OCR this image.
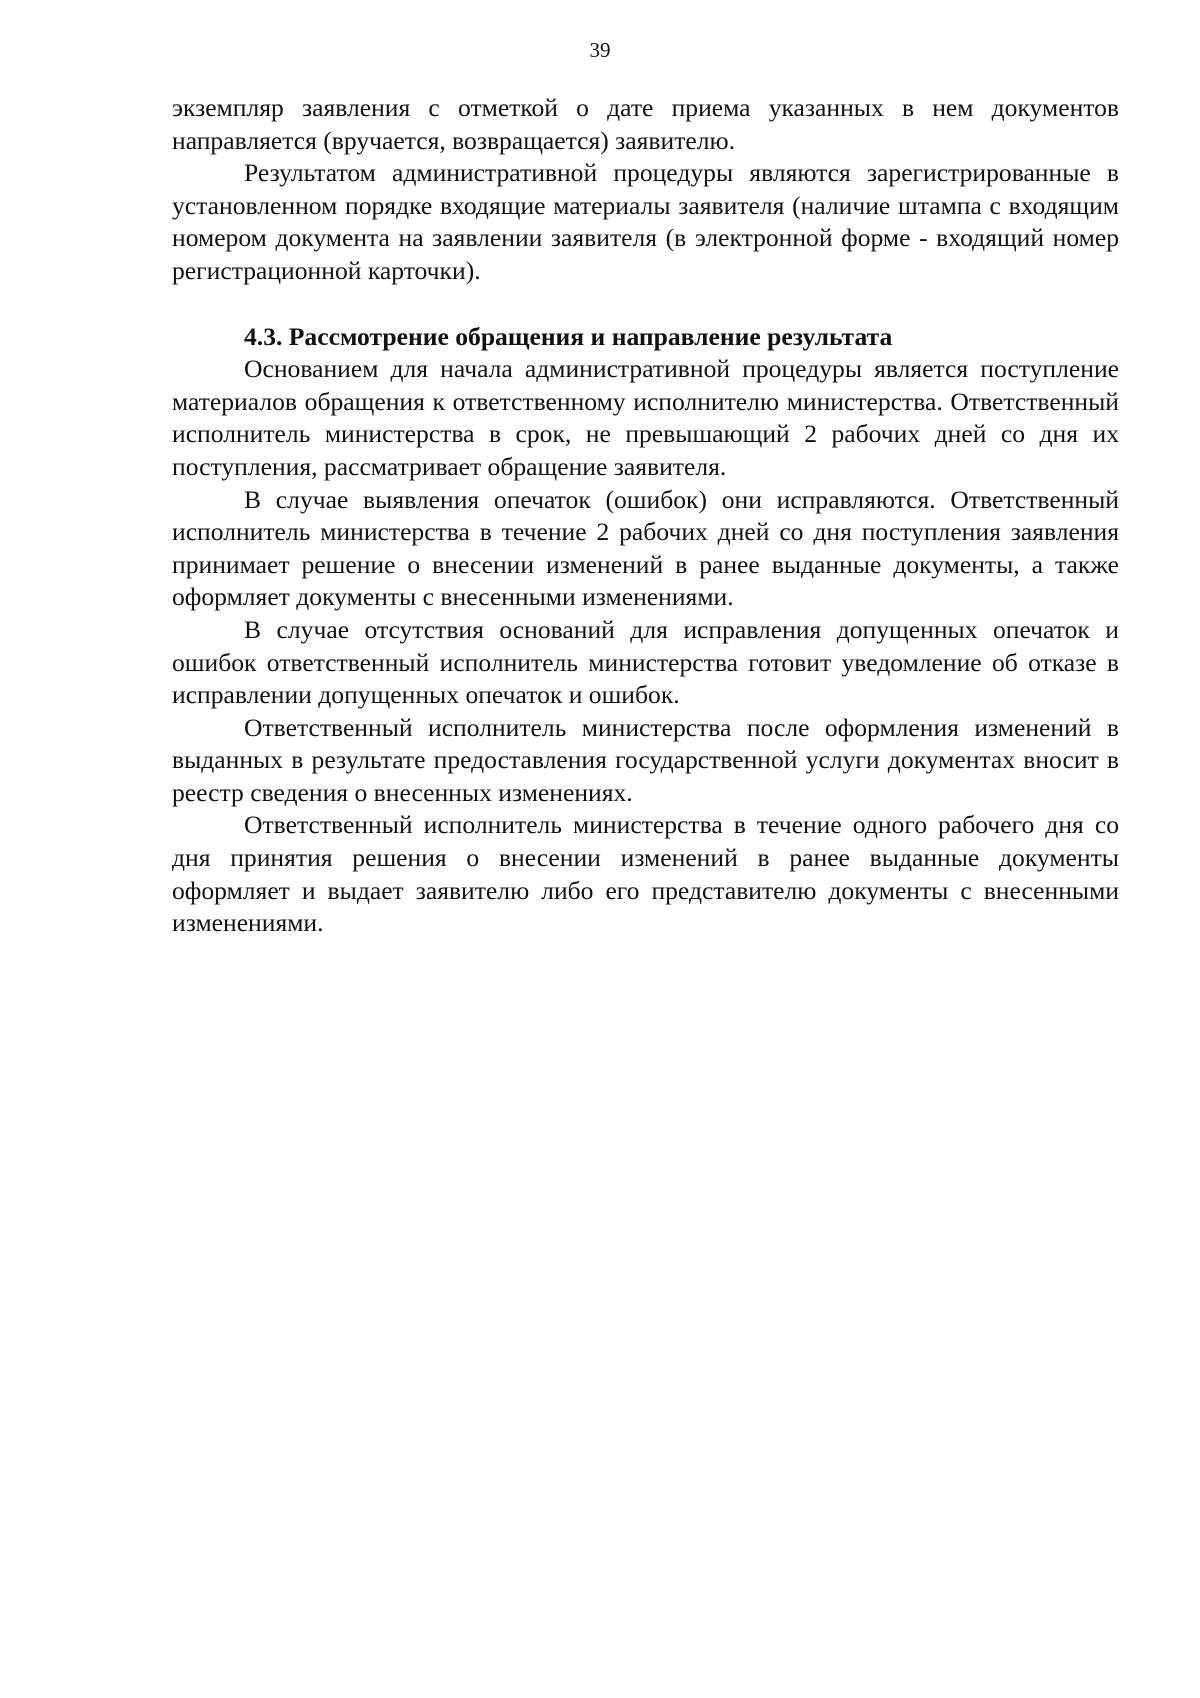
39

экземпляр заявления с отметкой о дате приема указанных в нем документов направляется (вручается, возвращается) заявителю.

Результатом административной процедуры являются зарегистрированные в установленном порядке входящие материалы заявителя (наличие штампа с входящим номером документа на заявлении заявителя (в электронной форме - входящий номер регистрационной карточки).

4.3. Рассмотрение обращения и направление результата

Основанием для начала административной процедуры является поступление материалов обращения к ответственному исполнителю министерства. Ответственный исполнитель министерства в срок, не превышающий 2 рабочих дней со дня их поступления, рассматривает обращение заявителя.

В случае выявления опечаток (ошибок) они исправляются. Ответственный исполнитель министерства в течение 2 рабочих дней со дня поступления заявления принимает решение о внесении изменений в ранее выданные документы, а также оформляет документы с внесенными изменениями.

В случае отсутствия оснований для исправления допущенных опечаток и ошибок ответственный исполнитель министерства готовит уведомление об отказе в исправлении допущенных опечаток и ошибок.

Ответственный исполнитель министерства после оформления изменений в выданных в результате предоставления государственной услуги документах вносит в реестр сведения о внесенных изменениях.

Ответственный исполнитель министерства в течение одного рабочего дня со дня принятия решения о внесении изменений в ранее выданные документы оформляет и выдает заявителю либо его представителю документы с внесенными изменениями.
